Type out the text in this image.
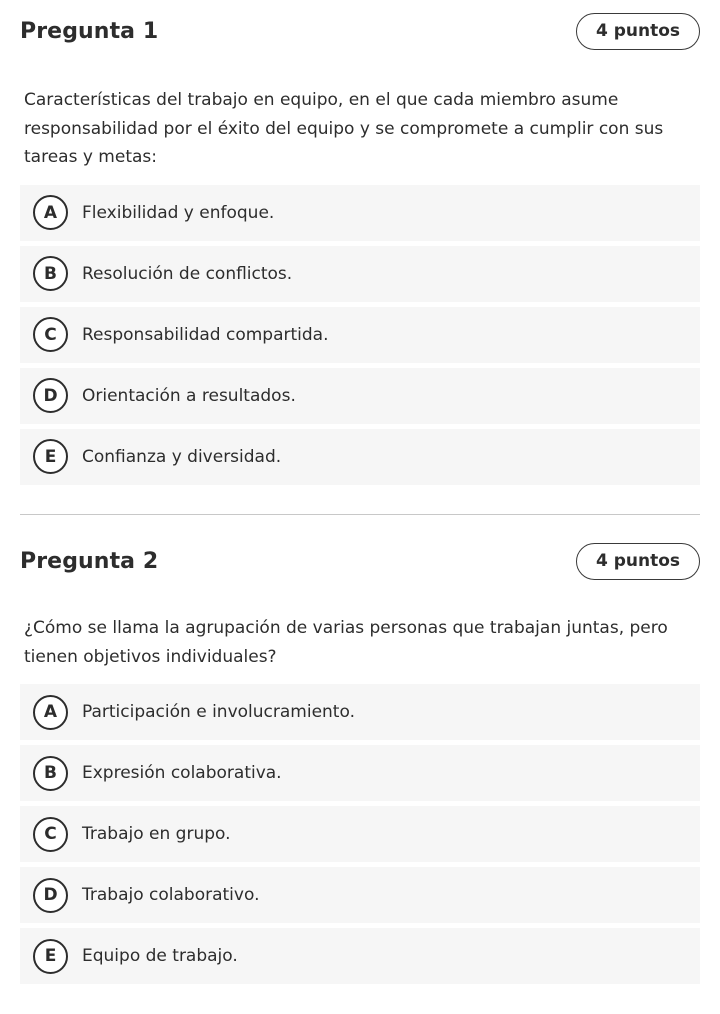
Pregunta 1	4 puntos

Características del trabajo en equipo, en el que cada miembro asume responsabilidad por el éxito del equipo y se compromete a cumplir con sus tareas y metas:

A	Flexibilidad y enfoque.
B	Resolución de conflictos.
C	Responsabilidad compartida.
D	Orientación a resultados.
E	Confianza y diversidad.
Pregunta 2	4 puntos

¿Cómo se llama la agrupación de varias personas que trabajan juntas, pero tienen objetivos individuales?

A	Participación e involucramiento.
B	Expresión colaborativa.
C	Trabajo en grupo.
D	Trabajo colaborativo.
E	Equipo de trabajo.
